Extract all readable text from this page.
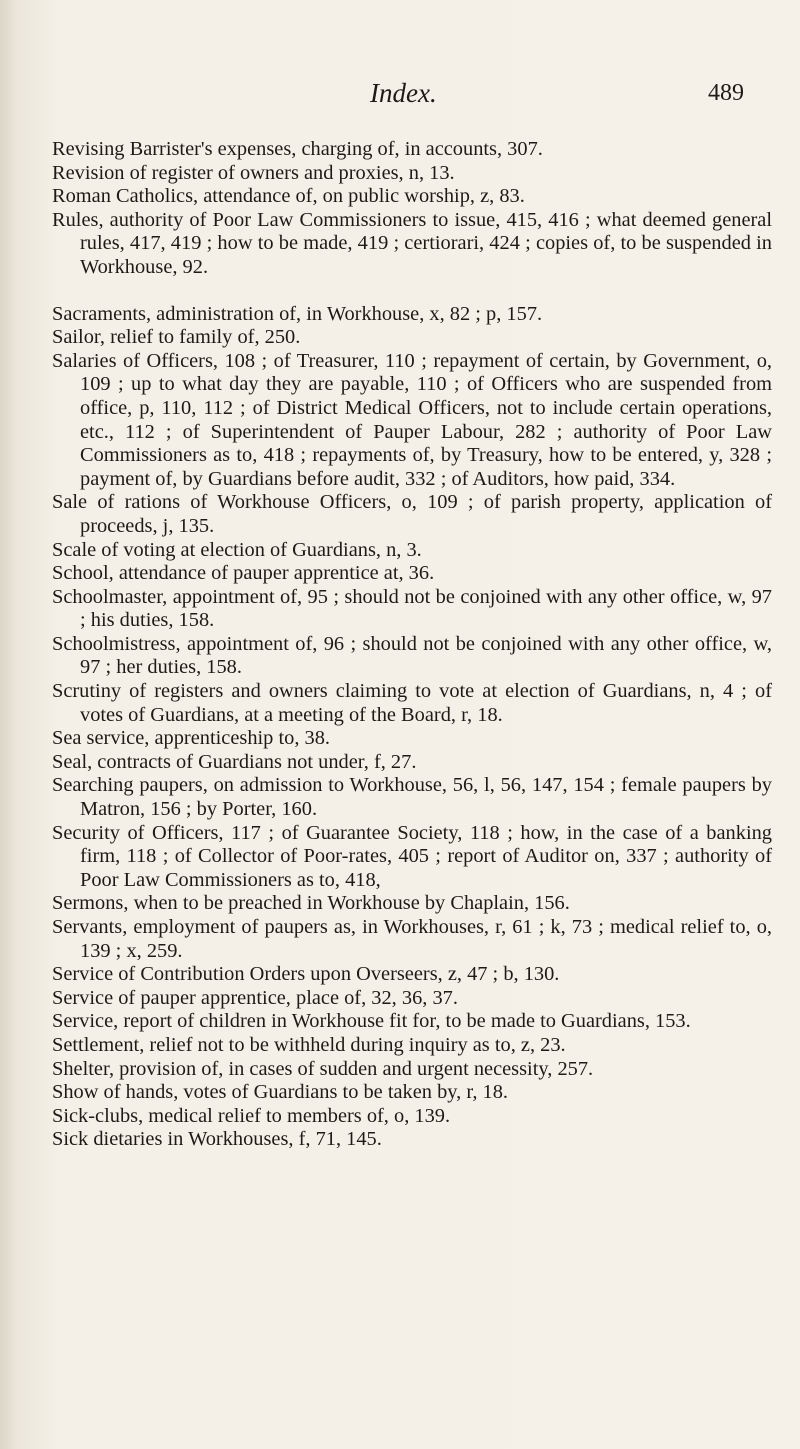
Index.	489

Revising Barrister's expenses, charging of, in accounts, 307.

Revision of register of owners and proxies, n, 13.

Roman Catholics, attendance of, on public worship, z, 83.

Rules, authority of Poor Law Commissioners to issue, 415, 416 ; what deemed general rules, 417, 419 ; how to be made, 419 ; certiorari, 424 ; copies of, to be suspended in Workhouse, 92.

Sacraments, administration of, in Workhouse, x, 82 ; p, 157.

Sailor, relief to family of, 250.

Salaries of Officers, 108 ; of Treasurer, 110 ; repayment of certain, by Government, o, 109 ; up to what day they are payable, 110 ; of Officers who are suspended from office, p, 110, 112 ; of District Medical Officers, not to include certain operations, etc., 112 ; of Superintendent of Pauper Labour, 282 ; authority of Poor Law Commissioners as to, 418 ; repayments of, by Treasury, how to be entered, y, 328 ; payment of, by Guardians before audit, 332 ; of Auditors, how paid, 334.

Sale of rations of Workhouse Officers, o, 109 ; of parish property, application of proceeds, j, 135.

Scale of voting at election of Guardians, n, 3.

School, attendance of pauper apprentice at, 36.

Schoolmaster, appointment of, 95 ; should not be conjoined with any other office, w, 97 ; his duties, 158.

Schoolmistress, appointment of, 96 ; should not be conjoined with any other office, w, 97 ; her duties, 158.

Scrutiny of registers and owners claiming to vote at election of Guardians, n, 4 ; of votes of Guardians, at a meeting of the Board, r, 18.

Sea service, apprenticeship to, 38.

Seal, contracts of Guardians not under, f, 27.

Searching paupers, on admission to Workhouse, 56, l, 56, 147, 154 ; female paupers by Matron, 156 ; by Porter, 160.

Security of Officers, 117 ; of Guarantee Society, 118 ; how, in the case of a banking firm, 118 ; of Collector of Poor-rates, 405 ; report of Auditor on, 337 ; authority of Poor Law Commissioners as to, 418,

Sermons, when to be preached in Workhouse by Chaplain, 156.

Servants, employment of paupers as, in Workhouses, r, 61 ; k, 73 ; medical relief to, o, 139 ; x, 259.

Service of Contribution Orders upon Overseers, z, 47 ; b, 130.

Service of pauper apprentice, place of, 32, 36, 37.

Service, report of children in Workhouse fit for, to be made to Guardians, 153.

Settlement, relief not to be withheld during inquiry as to, z, 23.

Shelter, provision of, in cases of sudden and urgent necessity, 257.

Show of hands, votes of Guardians to be taken by, r, 18.

Sick-clubs, medical relief to members of, o, 139.

Sick dietaries in Workhouses, f, 71, 145.
